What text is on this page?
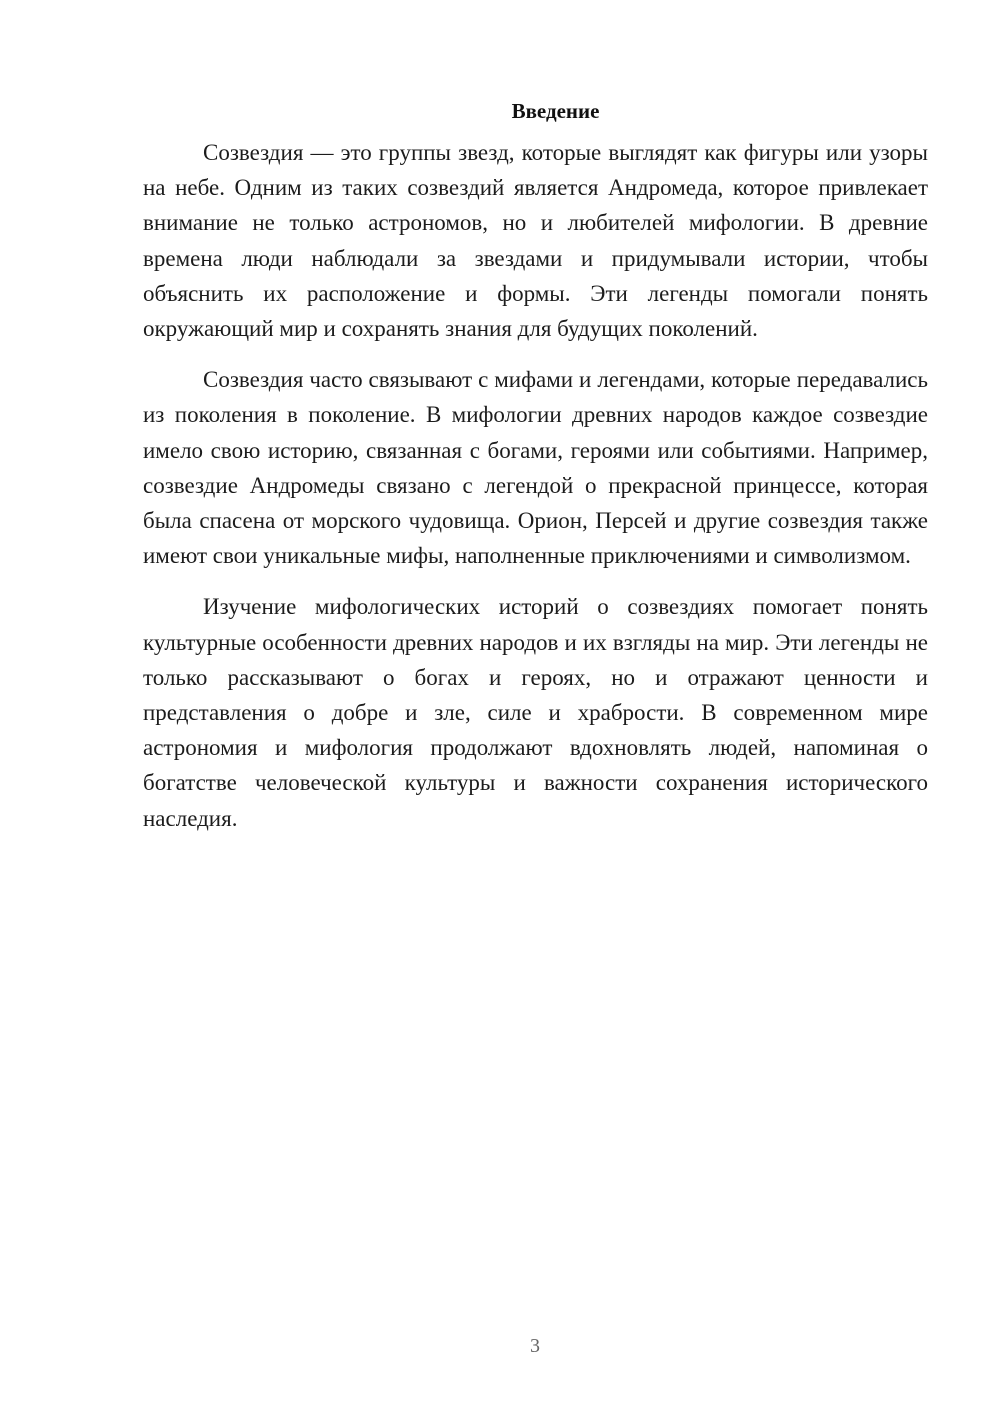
Введение

Созвездия — это группы звезд, которые выглядят как фигуры или узоры на небе. Одним из таких созвездий является Андромеда, которое привлекает внимание не только астрономов, но и любителей мифологии. В древние времена люди наблюдали за звездами и придумывали истории, чтобы объяснить их расположение и формы. Эти легенды помогали понять окружающий мир и сохранять знания для будущих поколений.

Созвездия часто связывают с мифами и легендами, которые передавались из поколения в поколение. В мифологии древних народов каждое созвездие имело свою историю, связанная с богами, героями или событиями. Например, созвездие Андромеды связано с легендой о прекрасной принцессе, которая была спасена от морского чудовища. Орион, Персей и другие созвездия также имеют свои уникальные мифы, наполненные приключениями и символизмом.

Изучение мифологических историй о созвездиях помогает понять культурные особенности древних народов и их взгляды на мир. Эти легенды не только рассказывают о богах и героях, но и отражают ценности и представления о добре и зле, силе и храбрости. В современном мире астрономия и мифология продолжают вдохновлять людей, напоминая о богатстве человеческой культуры и важности сохранения исторического наследия.

3
